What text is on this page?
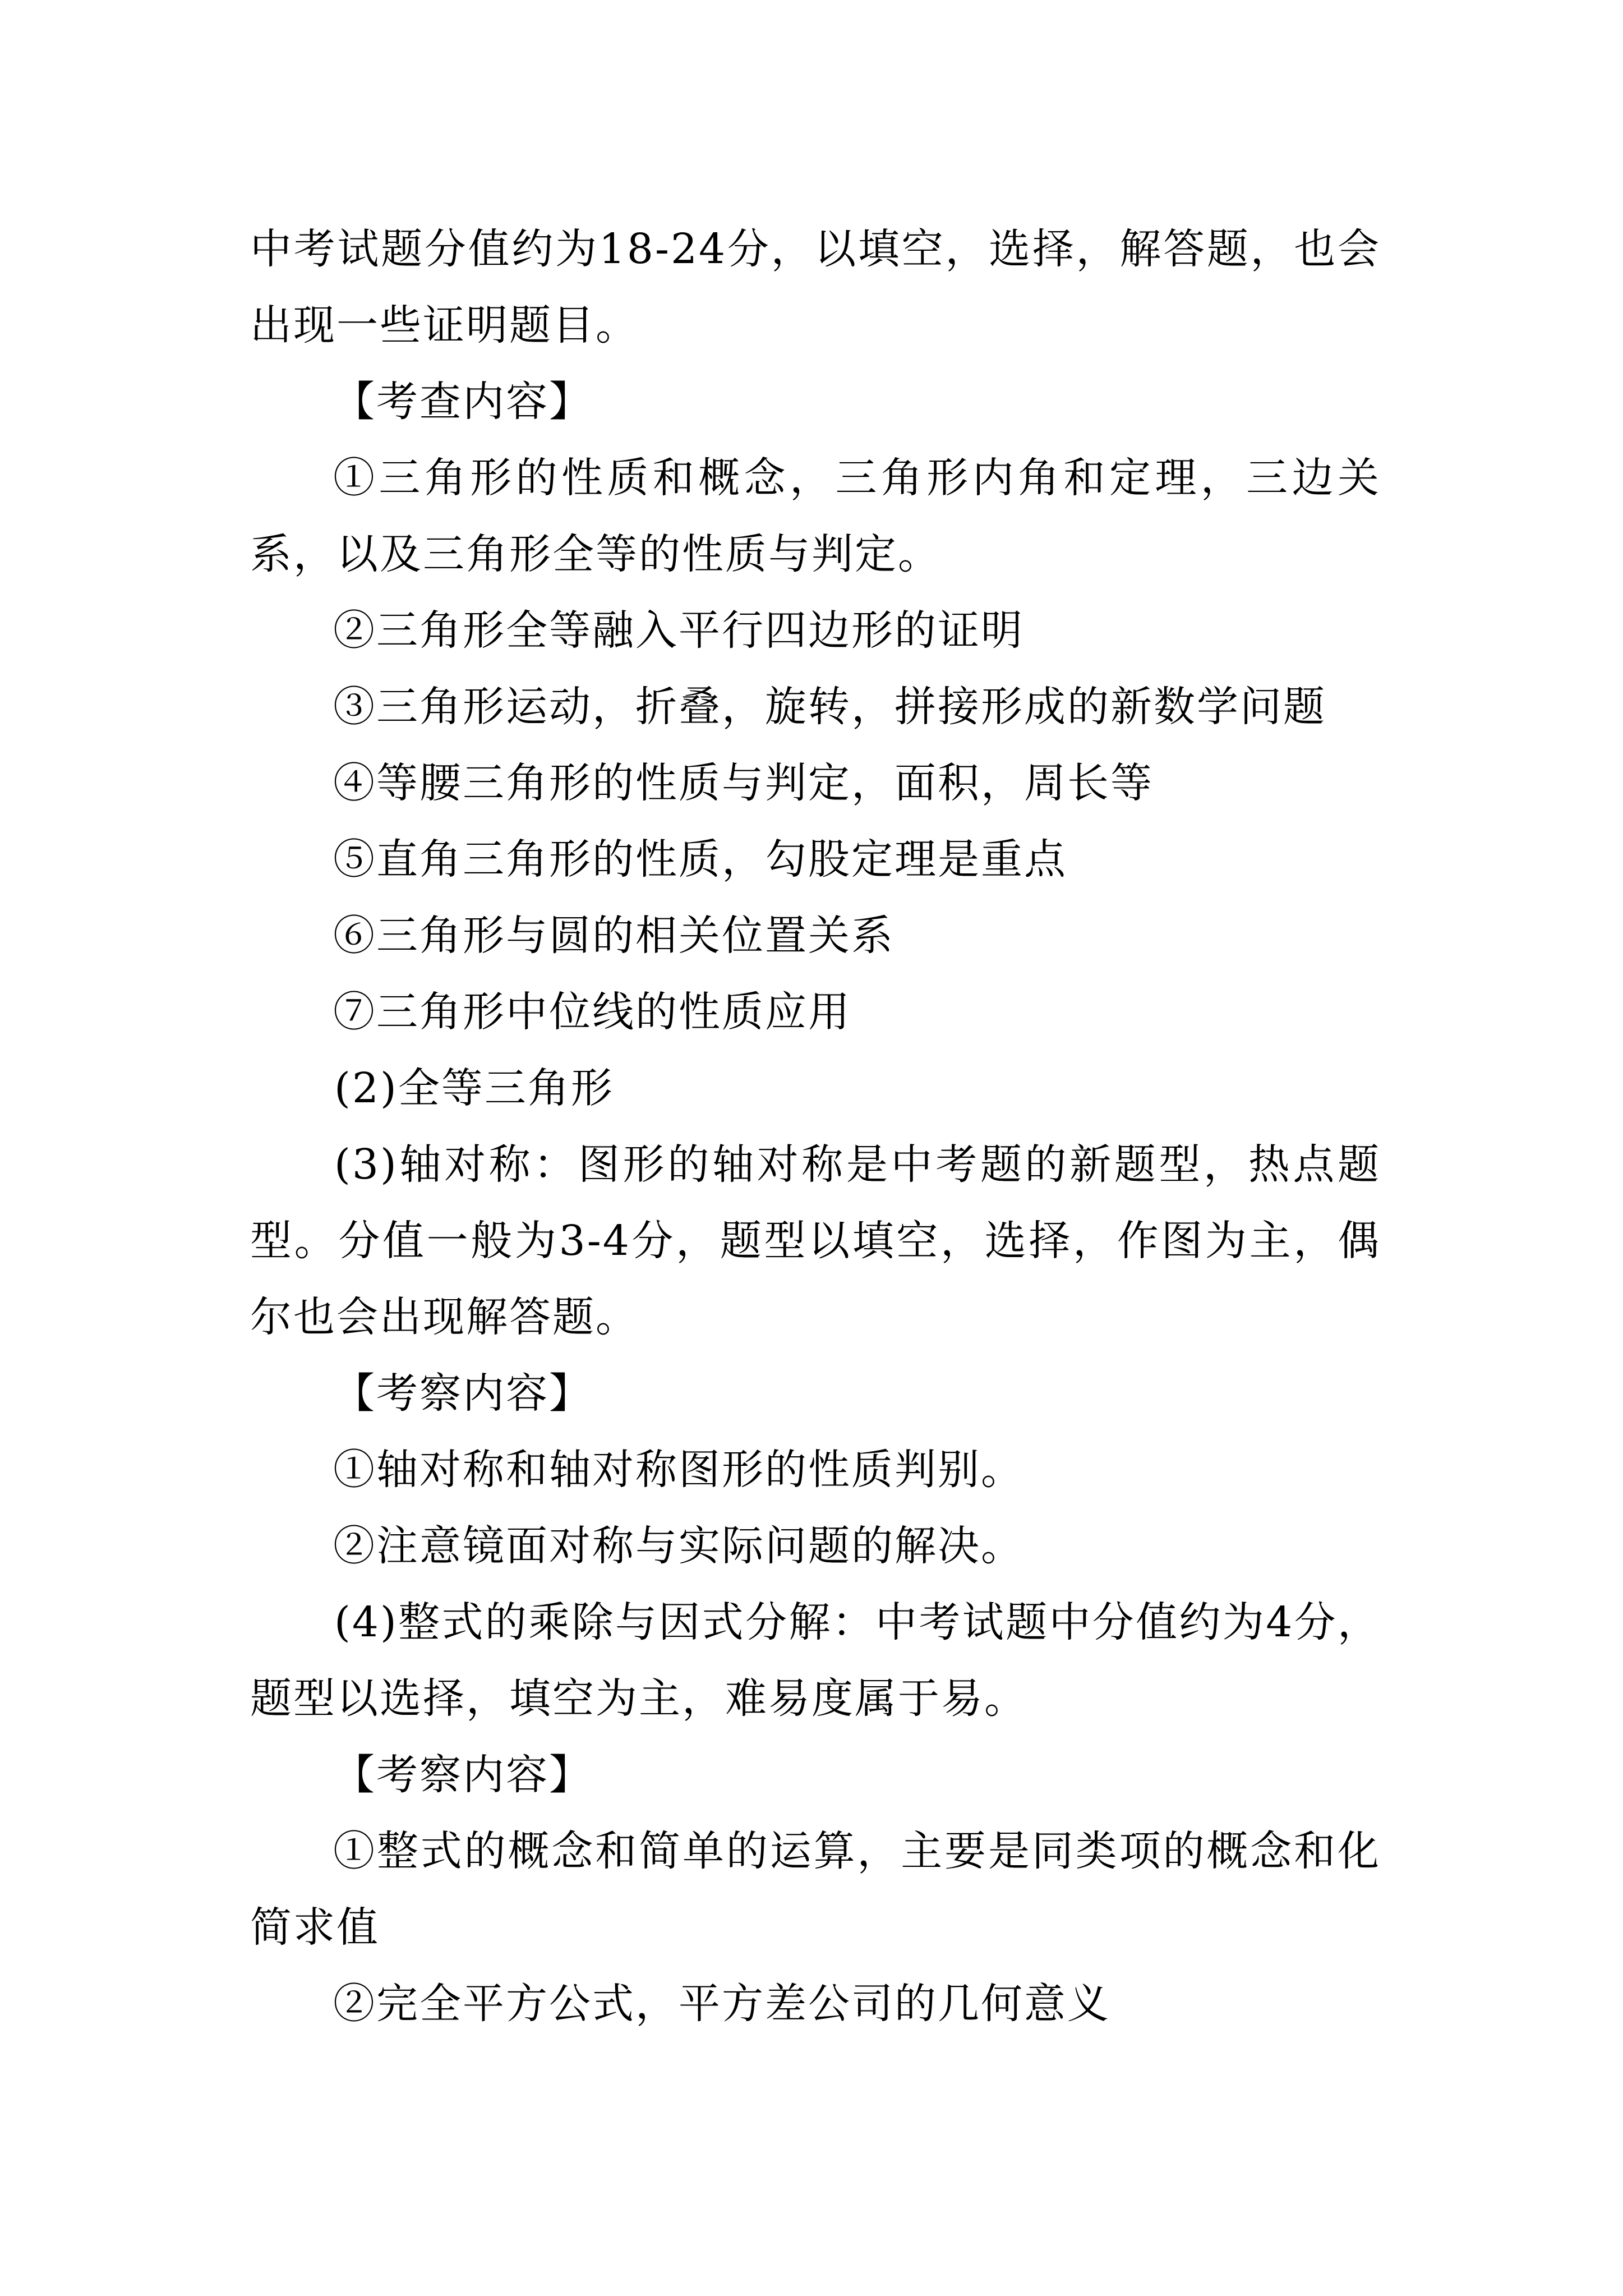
中考试题分值约为18-24分，以填空，选择，解答题，也会出现一些证明题目。

【考查内容】

①三角形的性质和概念，三角形内角和定理，三边关系，以及三角形全等的性质与判定。

②三角形全等融入平行四边形的证明

③三角形运动，折叠，旋转，拼接形成的新数学问题

④等腰三角形的性质与判定，面积，周长等

⑤直角三角形的性质，勾股定理是重点

⑥三角形与圆的相关位置关系

⑦三角形中位线的性质应用

(2)全等三角形

(3)轴对称：图形的轴对称是中考题的新题型，热点题型。分值一般为3-4分，题型以填空，选择，作图为主，偶尔也会出现解答题。

【考察内容】

①轴对称和轴对称图形的性质判别。

②注意镜面对称与实际问题的解决。

(4)整式的乘除与因式分解：中考试题中分值约为4分，题型以选择，填空为主，难易度属于易。

【考察内容】

①整式的概念和简单的运算，主要是同类项的概念和化简求值

②完全平方公式，平方差公司的几何意义
